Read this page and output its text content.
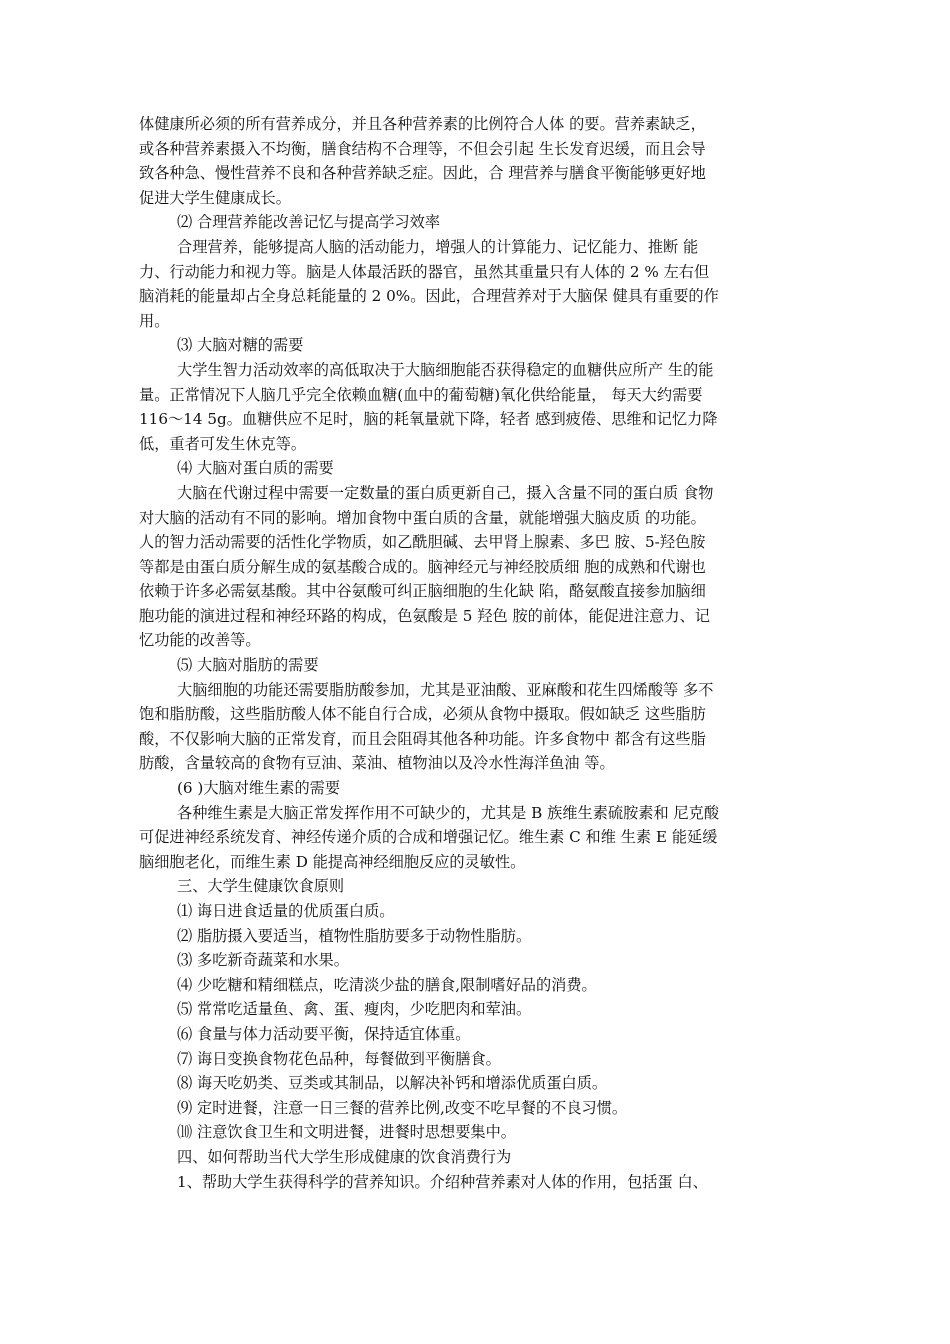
体健康所必须的所有营养成分，并且各种营养素的比例符合人体 的要。营养素缺乏，
或各种营养素摄入不均衡，膳食结构不合理等，不但会引起 生长发育迟缓，而且会导
致各种急、慢性营养不良和各种营养缺乏症。因此，合 理营养与膳食平衡能够更好地
促进大学生健康成长。
⑵ 合理营养能改善记忆与提高学习效率
合理营养，能够提高人脑的活动能力，增强人的计算能力、记忆能力、推断 能
力、行动能力和视力等。脑是人体最活跃的器官，虽然其重量只有人体的 2 % 左右但
脑消耗的能量却占全身总耗能量的 2 0%。因此，合理营养对于大脑保 健具有重要的作
用。
⑶ 大脑对糖的需要
大学生智力活动效率的高低取决于大脑细胞能否获得稳定的血糖供应所产 生的能
量。正常情况下人脑几乎完全依赖血糖(血中的葡萄糖)氧化供给能量， 每天大约需要
116〜14 5g。血糖供应不足时，脑的耗氧量就下降，轻者 感到疲倦、思维和记忆力降
低，重者可发生休克等。
⑷ 大脑对蛋白质的需要
大脑在代谢过程中需要一定数量的蛋白质更新自己，摄入含量不同的蛋白质 食物
对大脑的活动有不同的影响。增加食物中蛋白质的含量，就能增强大脑皮质 的功能。
人的智力活动需要的活性化学物质，如乙酰胆碱、去甲肾上腺素、多巴 胺、5-羟色胺
等都是由蛋白质分解生成的氨基酸合成的。脑神经元与神经胶质细 胞的成熟和代谢也
依赖于许多必需氨基酸。其中谷氨酸可纠正脑细胞的生化缺 陷，酪氨酸直接参加脑细
胞功能的演进过程和神经环路的构成，色氨酸是 5 羟色 胺的前体，能促进注意力、记
忆功能的改善等。
⑸ 大脑对脂肪的需要
大脑细胞的功能还需要脂肪酸参加，尤其是亚油酸、亚麻酸和花生四烯酸等 多不
饱和脂肪酸，这些脂肪酸人体不能自行合成，必须从食物中摄取。假如缺乏 这些脂肪
酸，不仅影响大脑的正常发育，而且会阻碍其他各种功能。许多食物中 都含有这些脂
肪酸，含量较高的食物有豆油、菜油、植物油以及冷水性海洋鱼油 等。
(6 )大脑对维生素的需要
各种维生素是大脑正常发挥作用不可缺少的，尤其是 B 族维生素硫胺素和 尼克酸
可促进神经系统发育、神经传递介质的合成和增强记忆。维生素 C 和维 生素 E 能延缓
脑细胞老化，而维生素 D 能提高神经细胞反应的灵敏性。
三、大学生健康饮食原则
⑴ 诲日进食适量的优质蛋白质。
⑵ 脂肪摄入要适当，植物性脂肪要多于动物性脂肪。
⑶ 多吃新奇蔬菜和水果。
⑷ 少吃糖和精细糕点，吃清淡少盐的膳食,限制嗜好品的消费。
⑸ 常常吃适量鱼、禽、蛋、瘦肉，少吃肥肉和荤油。
⑹ 食量与体力活动要平衡，保持适宜体重。
⑺ 诲日变换食物花色品种，每餐做到平衡膳食。
⑻ 诲天吃奶类、豆类或其制品，以解决补钙和增添优质蛋白质。
⑼ 定时进餐，注意一日三餐的营养比例,改变不吃早餐的不良习惯。
⑽ 注意饮食卫生和文明进餐，进餐时思想要集中。
四、如何帮助当代大学生形成健康的饮食消费行为
1、帮助大学生获得科学的营养知识。介绍种营养素对人体的作用，包括蛋 白、
